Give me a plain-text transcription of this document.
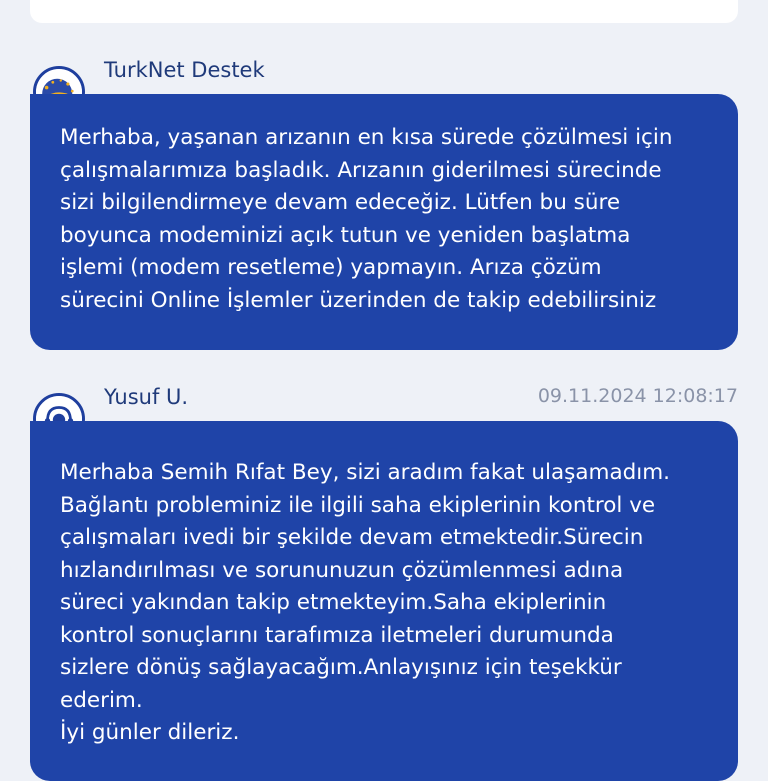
TurkNet Destek

Merhaba, yaşanan arızanın en kısa sürede çözülmesi için

çalışmalarımıza başladık. Arızanın giderilmesi sürecinde

sizi bilgilendirmeye devam edeceğiz. Lütfen bu süre

boyunca modeminizi açık tutun ve yeniden başlatma

işlemi (modem resetleme) yapmayın. Arıza çözüm

sürecini Online İşlemler üzerinden de takip edebilirsiniz

Yusuf U.	09.11.2024 12:08:17

Merhaba Semih Rıfat Bey, sizi aradım fakat ulaşamadım.

Bağlantı probleminiz ile ilgili saha ekiplerinin kontrol ve

çalışmaları ivedi bir şekilde devam etmektedir.Sürecin

hızlandırılması ve sorununuzun çözümlenmesi adına

süreci yakından takip etmekteyim.Saha ekiplerinin

kontrol sonuçlarını tarafımıza iletmeleri durumunda

sizlere dönüş sağlayacağım.Anlayışınız için teşekkür

ederim.

İyi günler dileriz.
